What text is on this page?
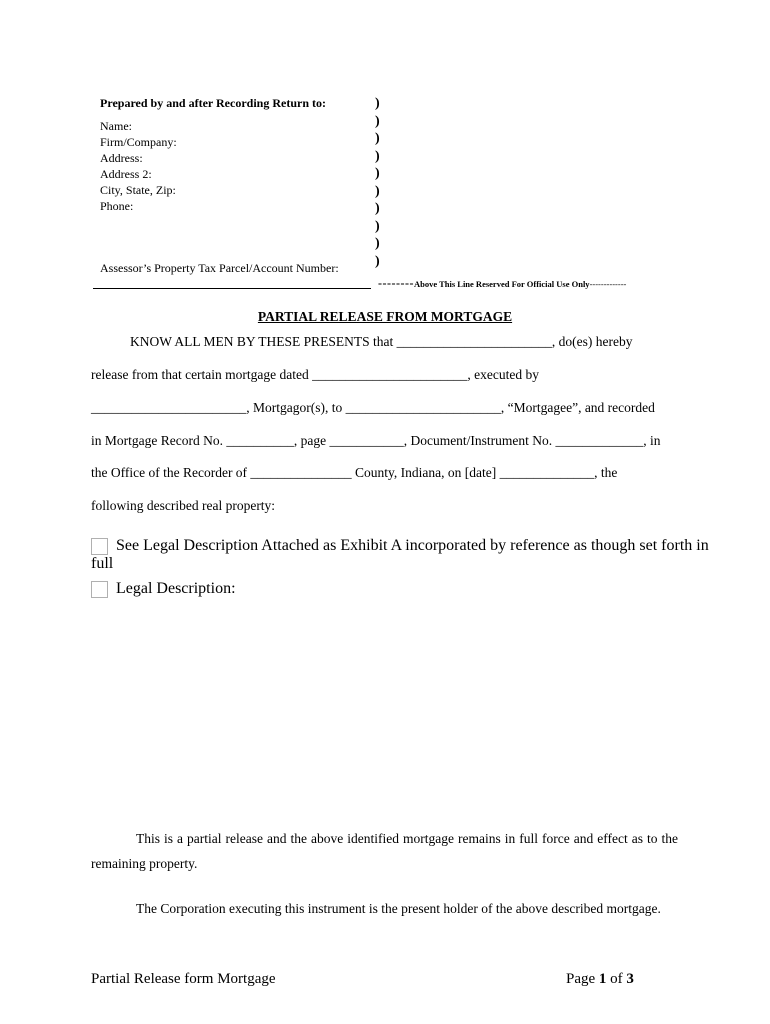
Prepared by and after Recording Return to:
Name:
Firm/Company:
Address:
Address 2:
City, State, Zip:
Phone:
Assessor’s Property Tax Parcel/Account Number:
)
)
)
)
)
)
)
)
)
)
--------Above This Line Reserved For Official Use Only-------------
PARTIAL RELEASE FROM MORTGAGE
KNOW ALL MEN BY THESE PRESENTS that _______________________, do(es) hereby
release from that certain mortgage dated _______________________, executed by
_______________________, Mortgagor(s), to _______________________, “Mortgagee”, and recorded
in Mortgage Record No. __________, page ___________, Document/Instrument No. _____________, in
the Office of the Recorder of _______________ County, Indiana, on [date] ______________, the
following described real property:
See Legal Description Attached as Exhibit A incorporated by reference as though set forth in
full
Legal Description:
This is a partial release and the above identified mortgage remains in full force and effect as to the remaining property.
The Corporation executing this instrument is the present holder of the above described mortgage.
Partial Release form Mortgage	Page 1 of 3
